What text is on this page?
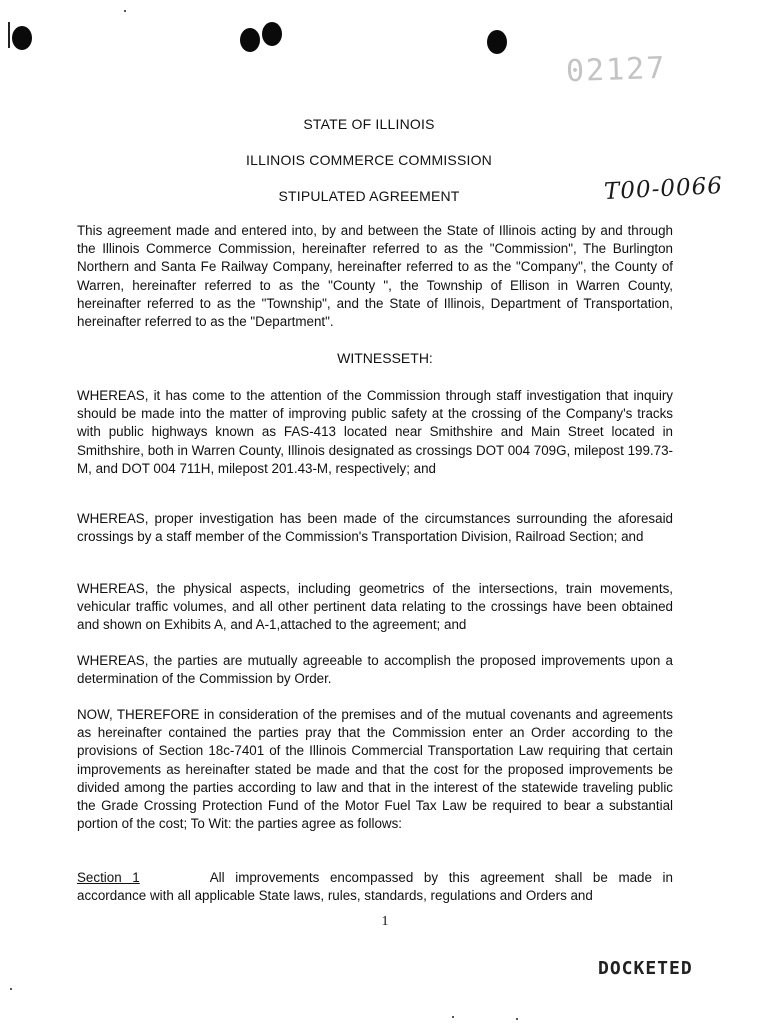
02127
STATE OF ILLINOIS
ILLINOIS COMMERCE COMMISSION
STIPULATED AGREEMENT	T00-0066

This agreement made and entered into, by and between the State of Illinois acting by and through the Illinois Commerce Commission, hereinafter referred to as the "Commission", The Burlington Northern and Santa Fe Railway Company, hereinafter referred to as the "Company", the County of Warren, hereinafter referred to as the "County ", the Township of Ellison in Warren County, hereinafter referred to as the "Township", and the State of Illinois, Department of Transportation, hereinafter referred to as the "Department".

WITNESSETH:

WHEREAS, it has come to the attention of the Commission through staff investigation that inquiry should be made into the matter of improving public safety at the crossing of the Company's tracks with public highways known as FAS-413 located near Smithshire and Main Street located in Smithshire, both in Warren County, Illinois designated as crossings DOT 004 709G, milepost 199.73-M, and DOT 004 711H, milepost 201.43-M, respectively; and

WHEREAS, proper investigation has been made of the circumstances surrounding the aforesaid crossings by a staff member of the Commission's Transportation Division, Railroad Section; and

WHEREAS, the physical aspects, including geometrics of the intersections, train movements, vehicular traffic volumes, and all other pertinent data relating to the crossings have been obtained and shown on Exhibits A, and A-1,attached to the agreement; and

WHEREAS, the parties are mutually agreeable to accomplish the proposed improvements upon a determination of the Commission by Order.

NOW, THEREFORE in consideration of the premises and of the mutual covenants and agreements as hereinafter contained the parties pray that the Commission enter an Order according to the provisions of Section 18c-7401 of the Illinois Commercial Transportation Law requiring that certain improvements as hereinafter stated be made and that the cost for the proposed improvements be divided among the parties according to law and that in the interest of the statewide traveling public the Grade Crossing Protection Fund of the Motor Fuel Tax Law be required to bear a substantial portion of the cost; To Wit: the parties agree as follows:

Section 1	All improvements encompassed by this agreement shall be made in accordance with all applicable State laws, rules, standards, regulations and Orders and

1
DOCKETED
